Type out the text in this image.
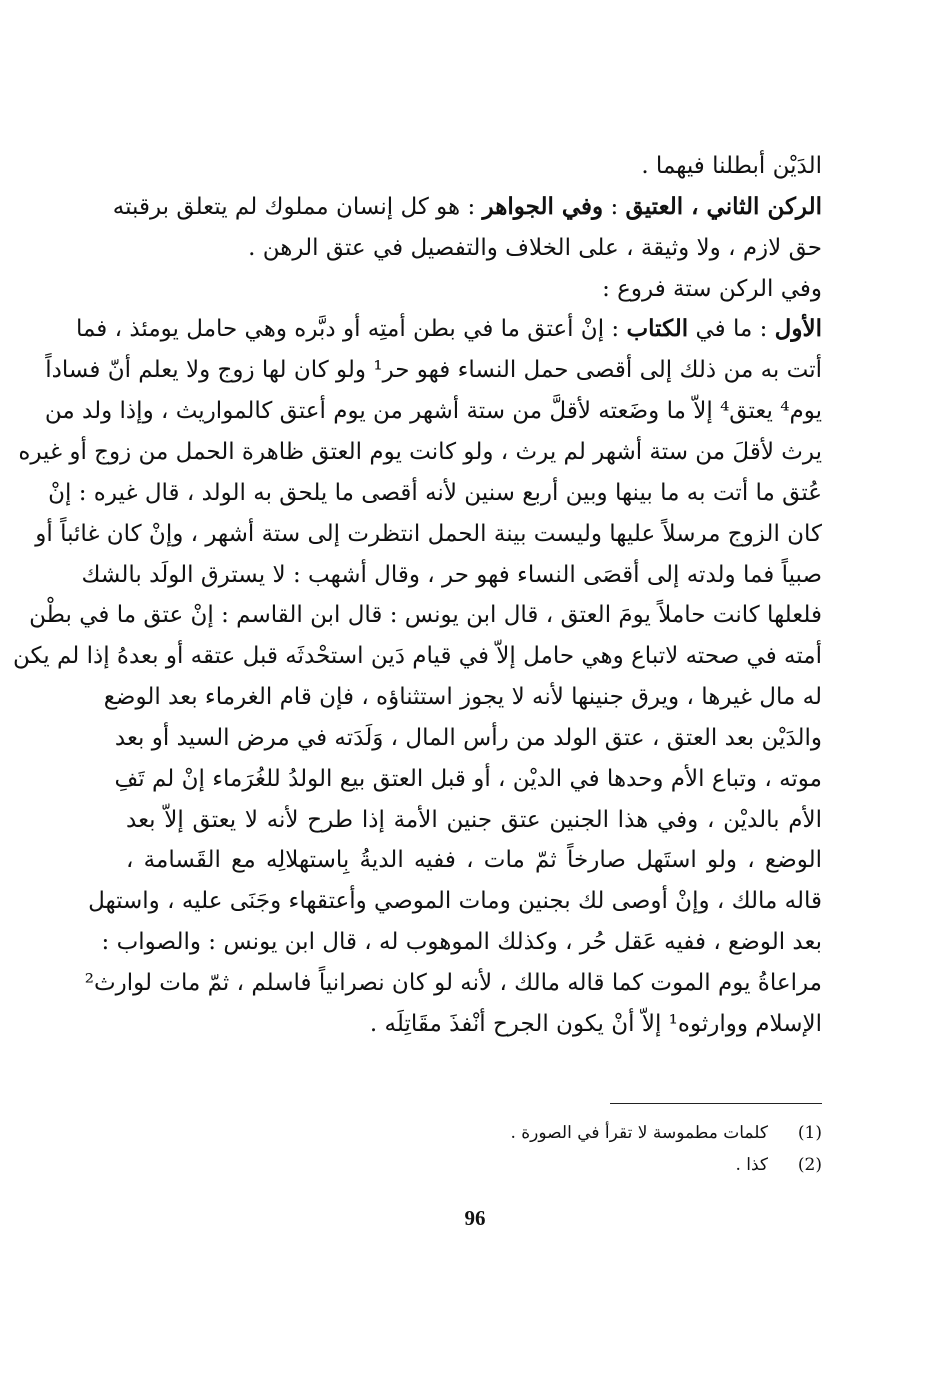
الدَيْن أبطلنا فيهما .
الركن الثاني ، العتيق : وفي الجواهر : هو كل إنسان مملوك لم يتعلق برقبته
حق لازم ، ولا وثيقة ، على الخلاف والتفصيل في عتق الرهن .
وفي الركن ستة فروع :
الأول : ما في الكتاب : إنْ أعتق ما في بطن أمتِه أو دبَّره وهي حامل يومئذ ، فما
أتت به من ذلك إلى أقصى حمل النساء فهو حر¹ ولو كان لها زوج ولا يعلم أنّ فساداً
يوم⁴ يعتق⁴ إلاّ ما وضَعته لأقلَّ من ستة أشهر من يوم أعتق كالمواريث ، وإذا ولد من
يرث لأقلَ من ستة أشهر لم يرث ، ولو كانت يوم العتق ظاهرة الحمل من زوج أو غيره
عُتق ما أتت به ما بينها وبين أربع سنين لأنه أقصى ما يلحق به الولد ، قال غيره : إنْ
كان الزوج مرسلاً عليها وليست بينة الحمل انتظرت إلى ستة أشهر ، وإنْ كان غائباً أو
صبياً فما ولدته إلى أقصَى النساء فهو حر ، وقال أشهب : لا يسترق الولَد بالشك
فلعلها كانت حاملاً يومَ العتق ، قال ابن يونس : قال ابن القاسم : إنْ عتق ما في بطْن
أمته في صحته لاتباع وهي حامل إلاّ في قيام دَين استحْدثَه قبل عتقه أو بعدهُ إذا لم يكن
له مال غيرها ، ويرق جنينها لأنه لا يجوز استثناؤه ، فإن قام الغرماء بعد الوضع
والدَيْن بعد العتق ، عتق الولد من رأس المال ، وَلَدَته في مرض السيد أو بعد
موته ، وتباع الأم وحدها في الديْن ، أو قبل العتق بيع الولدُ للغُرَماء إنْ لم تَفِ
الأم بالديْن ، وفي هذا الجنين عتق جنين الأمة إذا طرح لأنه لا يعتق إلاّ بعد
الوضع ، ولو استَهل صارخاً ثمّ مات ، ففيه الديةُ بِاستهلالِه مع القَسامة ،
قاله مالك ، وإنْ أوصى لك بجنين ومات الموصي وأعتقهاء وجَنَى عليه ، واستهل
بعد الوضع ، ففيه عَقل حُر ، وكذلك الموهوب له ، قال ابن يونس : والصواب :
مراعاةُ يوم الموت كما قاله مالك ، لأنه لو كان نصرانياً فاسلم ، ثمّ مات لوارث²
الإسلام ووارثوه¹ إلاّ أنْ يكون الجرح أنْفذَ مقَاتِلَه .
(1)كلمات مطموسة لا تقرأ في الصورة .
(2)كذا .
96
